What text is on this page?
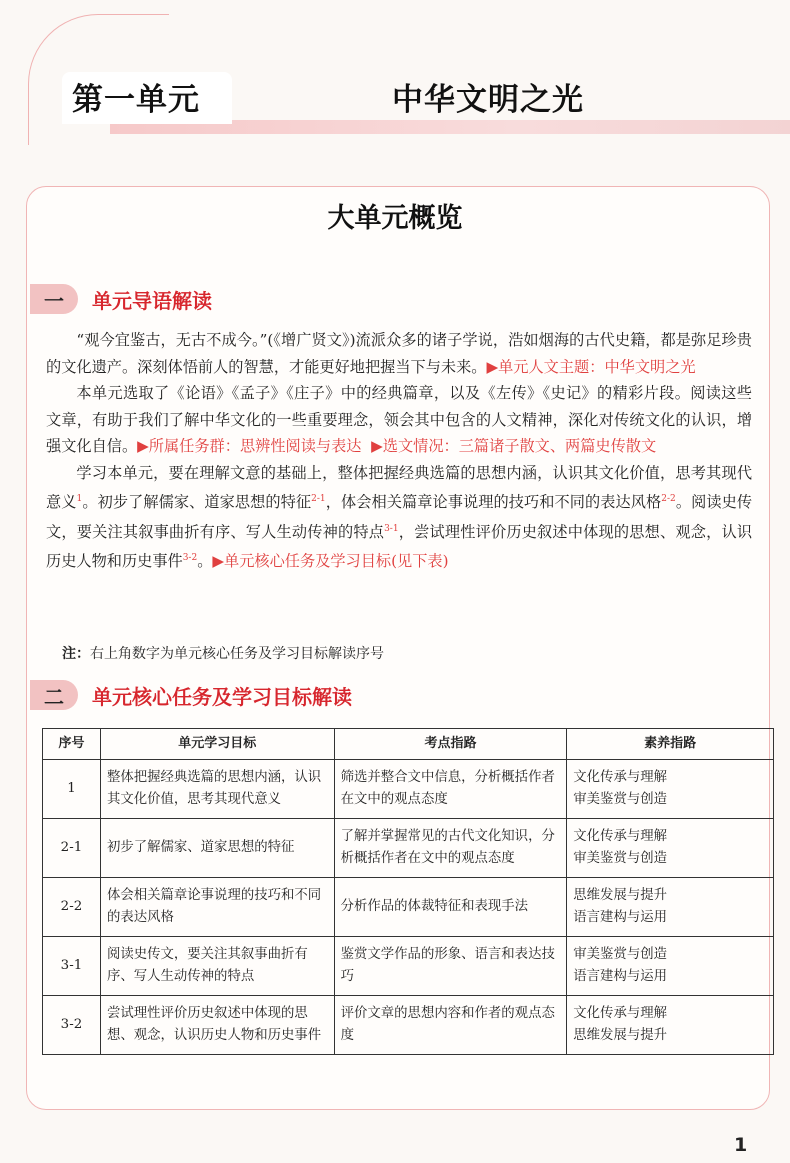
第一单元	中华文明之光
大单元概览
一	单元导语解读

“观今宜鉴古，无古不成今。”(《增广贤文》)流派众多的诸子学说，浩如烟海的古代史籍，都是弥足珍贵的文化遗产。深刻体悟前人的智慧，才能更好地把握当下与未来。▶单元人文主题：中华文明之光

本单元选取了《论语》《孟子》《庄子》中的经典篇章，以及《左传》《史记》的精彩片段。阅读这些文章，有助于我们了解中华文化的一些重要理念，领会其中包含的人文精神，深化对传统文化的认识，增强文化自信。▶所属任务群：思辨性阅读与表达 ▶选文情况：三篇诸子散文、两篇史传散文

学习本单元，要在理解文意的基础上，整体把握经典选篇的思想内涵，认识其文化价值，思考其现代意义$^1$。初步了解儒家、道家思想的特征$^{2-1}$，体会相关篇章论事说理的技巧和不同的表达风格$^{2-2}$。阅读史传文，要关注其叙事曲折有序、写人生动传神的特点$^{3-1}$，尝试理性评价历史叙述中体现的思想、观念，认识历史人物和历史事件$^{3-2}$。▶单元核心任务及学习目标(见下表)

注：右上角数字为单元核心任务及学习目标解读序号
二	单元核心任务及学习目标解读
序号	单元学习目标	考点指路	素养指路
1	整体把握经典选篇的思想内涵，认识其文化价值，思考其现代意义	筛选并整合文中信息，分析概括作者在文中的观点态度	文化传承与理解
审美鉴赏与创造

2-1	初步了解儒家、道家思想的特征	了解并掌握常见的古代文化知识，分析概括作者在文中的观点态度	文化传承与理解
审美鉴赏与创造

2-2	体会相关篇章论事说理的技巧和不同的表达风格	分析作品的体裁特征和表现手法	思维发展与提升
语言建构与运用

3-1	阅读史传文，要关注其叙事曲折有序、写人生动传神的特点	鉴赏文学作品的形象、语言和表达技巧	审美鉴赏与创造
语言建构与运用

3-2	尝试理性评价历史叙述中体现的思想、观念，认识历史人物和历史事件	评价文章的思想内容和作者的观点态度	文化传承与理解
思维发展与提升
1
